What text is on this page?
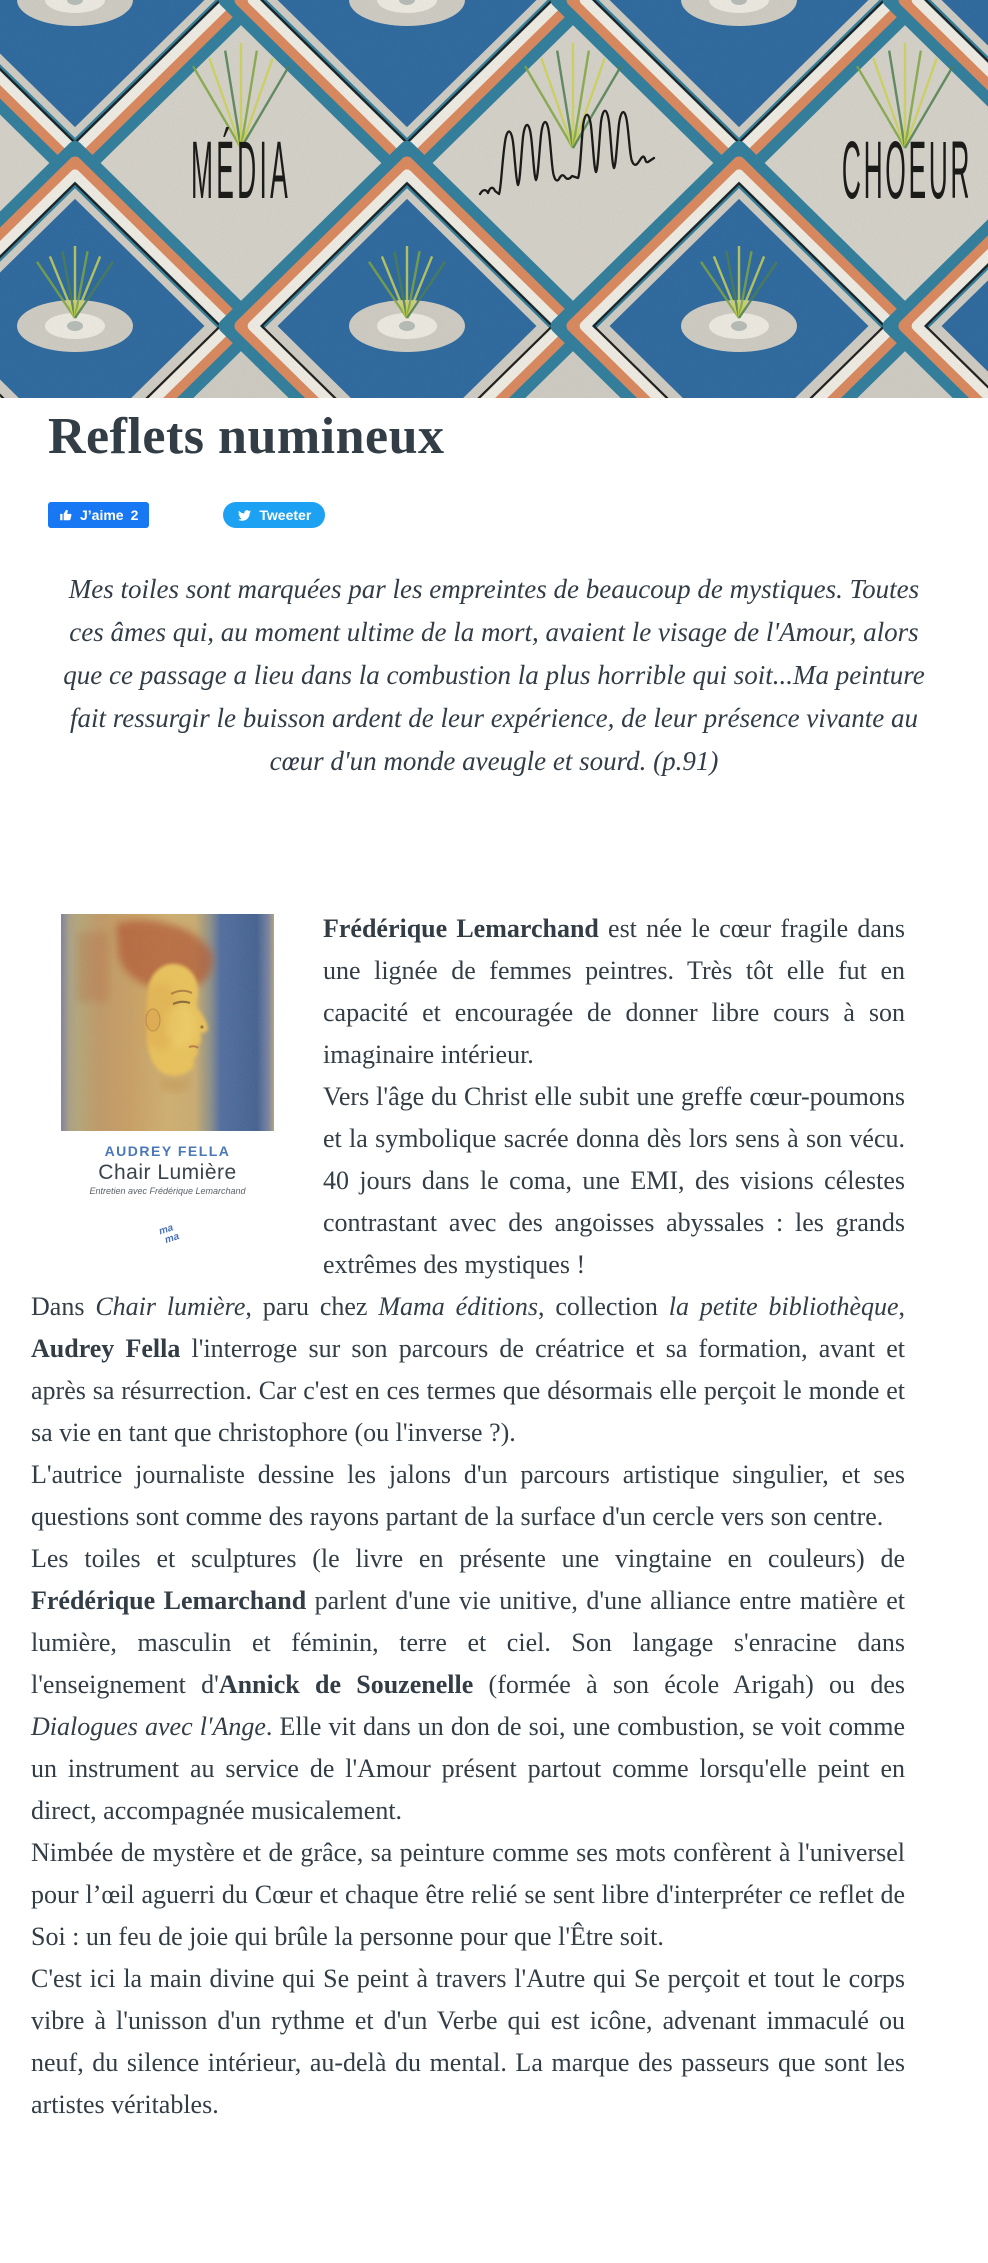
MÉDIA	CHOEUR
Reflets numineux
J’aime 2	Tweeter

Mes toiles sont marquées par les empreintes de beaucoup de mystiques. Toutes ces âmes qui, au moment ultime de la mort, avaient le visage de l'Amour, alors que ce passage a lieu dans la combustion la plus horrible qui soit...Ma peinture fait ressurgir le buisson ardent de leur expérience, de leur présence vivante au cœur d'un monde aveugle et sourd. (p.91)

AUDREY FELLA
Chair Lumière
Entretien avec Frédérique Lemarchand
ma
ma

Frédérique Lemarchand est née le cœur fragile dans une lignée de femmes peintres. Très tôt elle fut en capacité et encouragée de donner libre cours à son imaginaire intérieur.

Vers l'âge du Christ elle subit une greffe cœur-poumons et la symbolique sacrée donna dès lors sens à son vécu. 40 jours dans le coma, une EMI, des visions célestes contrastant avec des angoisses abyssales : les grands extrêmes des mystiques !

Dans Chair lumière, paru chez Mama éditions, collection la petite bibliothèque, Audrey Fella l'interroge sur son parcours de créatrice et sa formation, avant et après sa résurrection. Car c'est en ces termes que désormais elle perçoit le monde et sa vie en tant que christophore (ou l'inverse ?).

L'autrice journaliste dessine les jalons d'un parcours artistique singulier, et ses questions sont comme des rayons partant de la surface d'un cercle vers son centre.

Les toiles et sculptures (le livre en présente une vingtaine en couleurs) de Frédérique Lemarchand parlent d'une vie unitive, d'une alliance entre matière et lumière, masculin et féminin, terre et ciel. Son langage s'enracine dans l'enseignement d'Annick de Souzenelle (formée à son école Arigah) ou des Dialogues avec l'Ange. Elle vit dans un don de soi, une combustion, se voit comme un instrument au service de l'Amour présent partout comme lorsqu'elle peint en direct, accompagnée musicalement.

Nimbée de mystère et de grâce, sa peinture comme ses mots confèrent à l'universel pour l’œil aguerri du Cœur et chaque être relié se sent libre d'interpréter ce reflet de Soi : un feu de joie qui brûle la personne pour que l'Être soit.

C'est ici la main divine qui Se peint à travers l'Autre qui Se perçoit et tout le corps vibre à l'unisson d'un rythme et d'un Verbe qui est icône, advenant immaculé ou neuf, du silence intérieur, au-delà du mental. La marque des passeurs que sont les artistes véritables.
